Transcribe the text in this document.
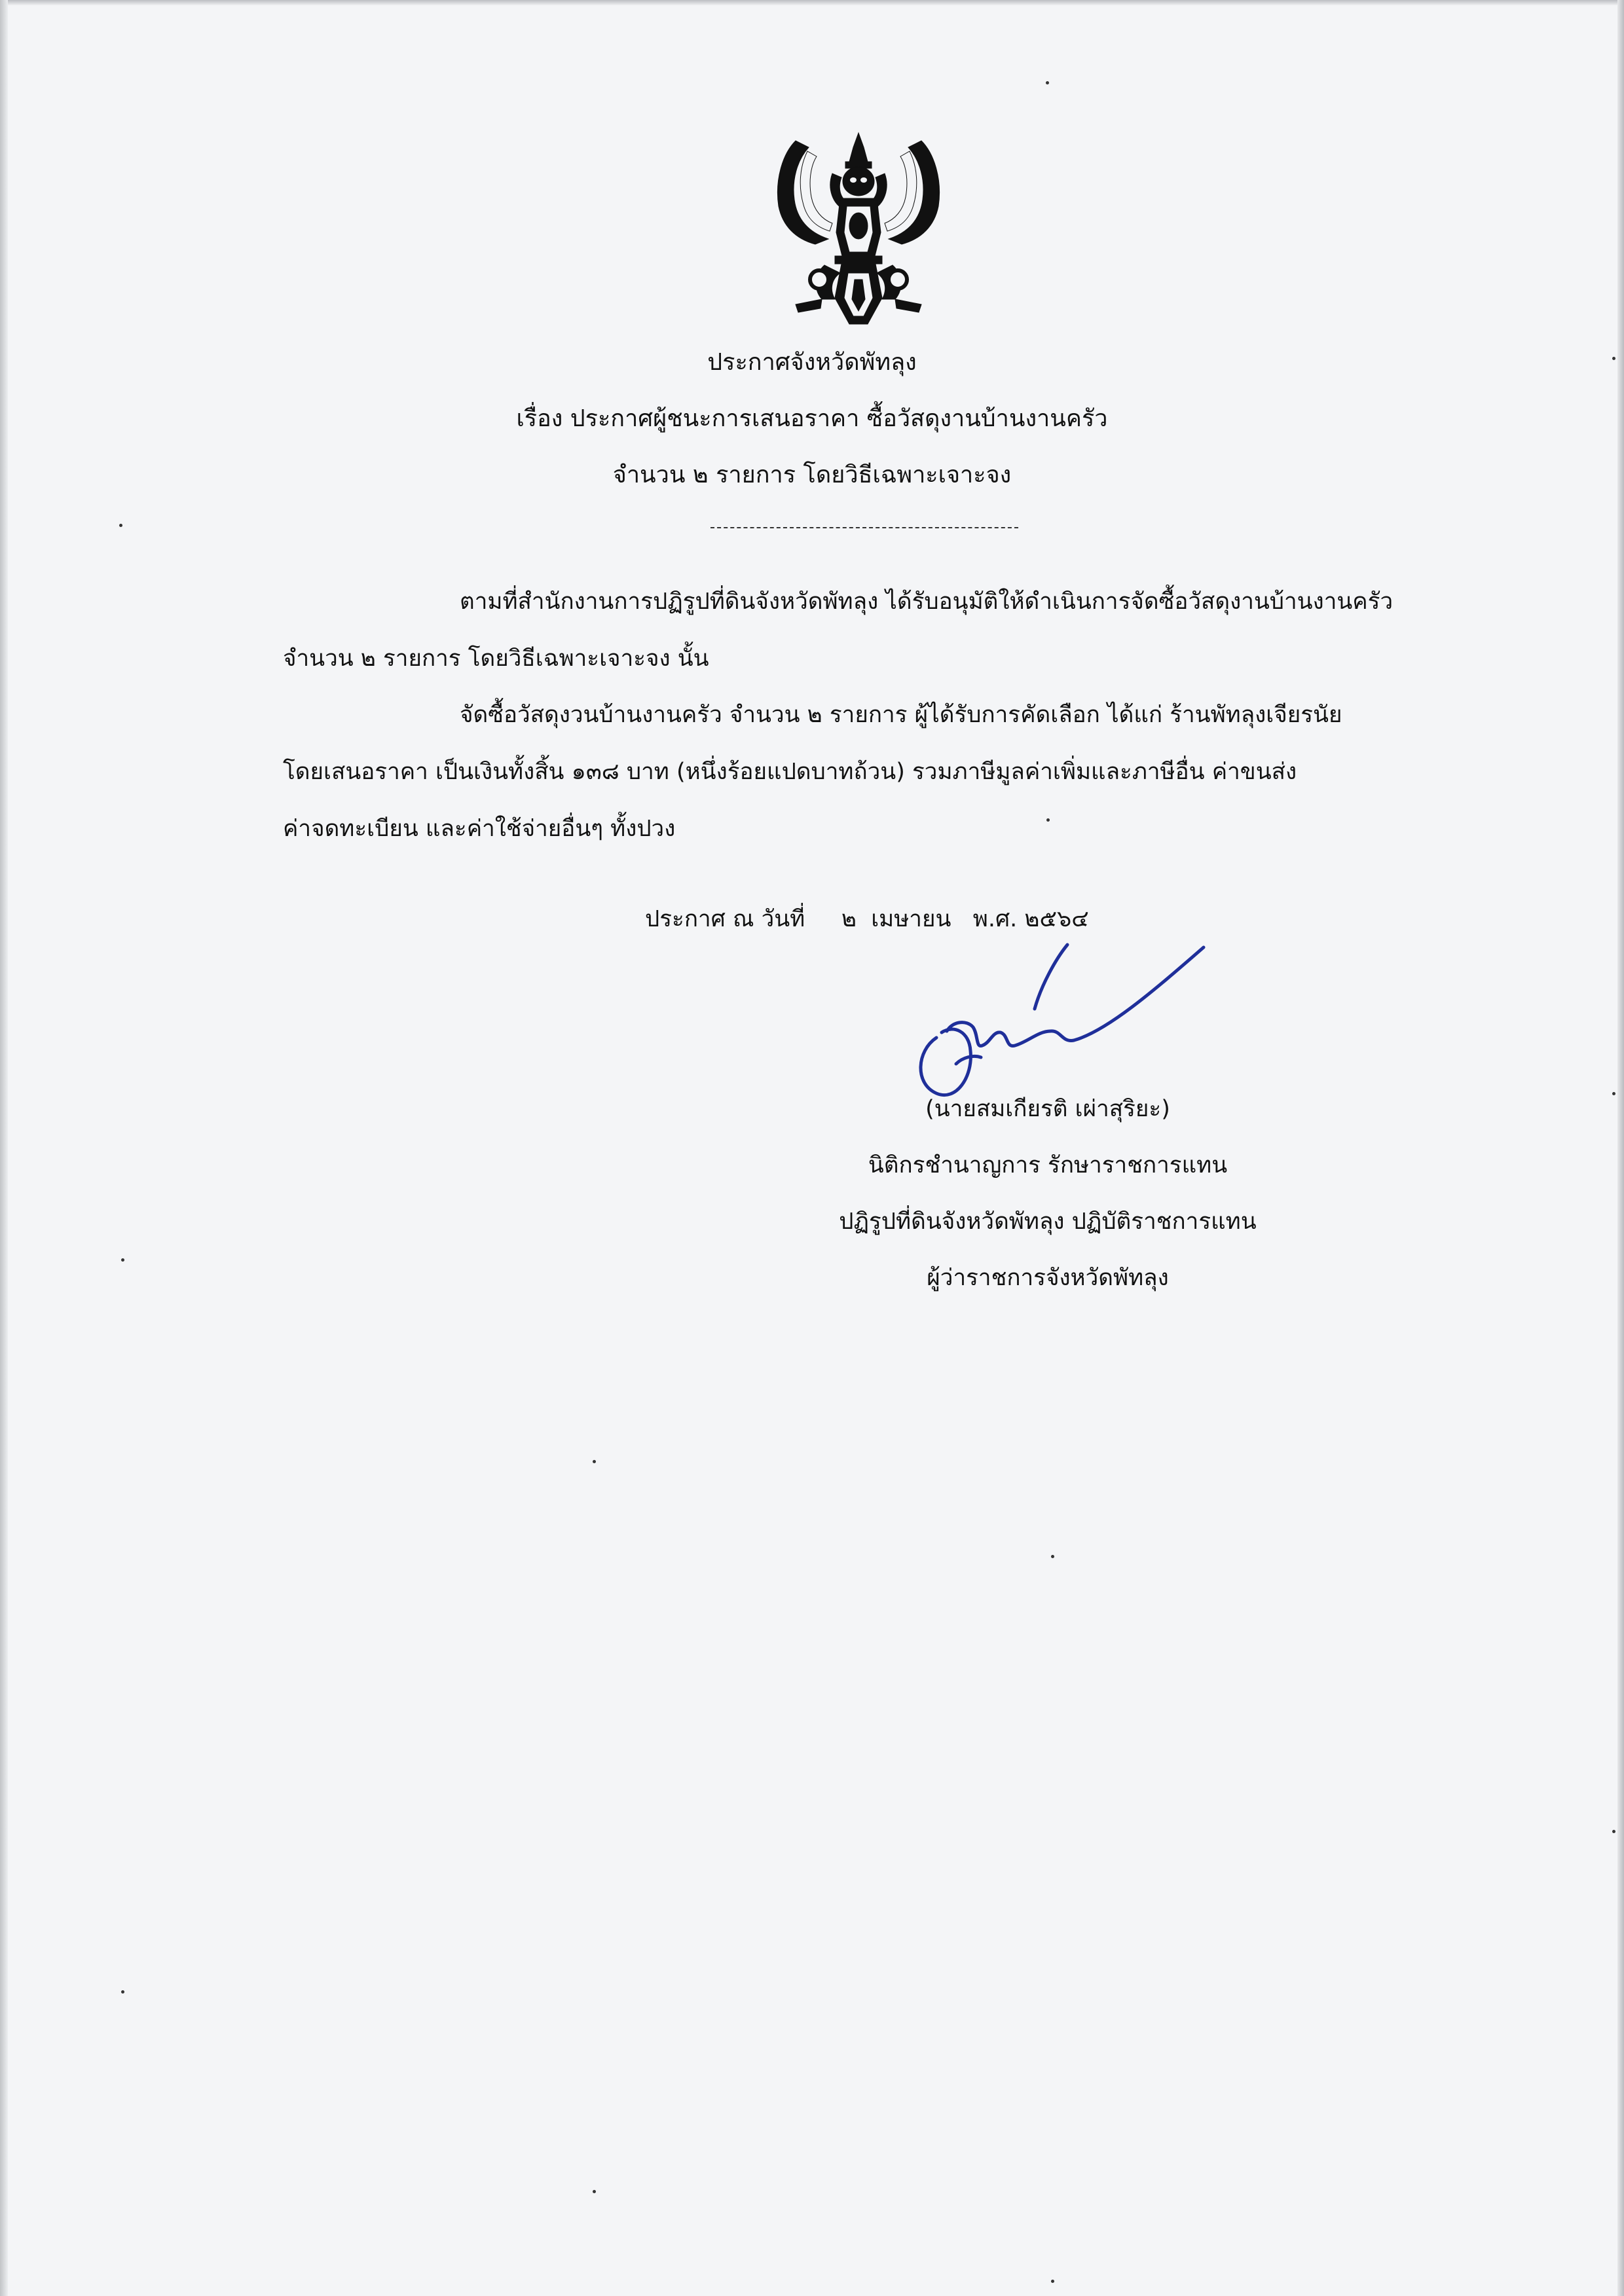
ประกาศจังหวัดพัทลุง
เรื่อง ประกาศผู้ชนะการเสนอราคา ซื้อวัสดุงานบ้านงานครัว
จำนวน ๒ รายการ โดยวิธีเฉพาะเจาะจง
ตามที่สำนักงานการปฏิรูปที่ดินจังหวัดพัทลุง ได้รับอนุมัติให้ดำเนินการจัดซื้อวัสดุงานบ้านงานครัว
จำนวน ๒ รายการ โดยวิธีเฉพาะเจาะจง นั้น
จัดซื้อวัสดุงวนบ้านงานครัว จำนวน ๒ รายการ ผู้ได้รับการคัดเลือก ได้แก่ ร้านพัทลุงเจียรนัย
โดยเสนอราคา เป็นเงินทั้งสิ้น ๑๓๘ บาท (หนึ่งร้อยแปดบาทถ้วน) รวมภาษีมูลค่าเพิ่มและภาษีอื่น ค่าขนส่ง
ค่าจดทะเบียน และค่าใช้จ่ายอื่นๆ ทั้งปวง
ประกาศ ณ วันที่     ๒  เมษายน   พ.ศ. ๒๕๖๔
(นายสมเกียรติ เผ่าสุริยะ)
นิติกรชำนาญการ รักษาราชการแทน
ปฏิรูปที่ดินจังหวัดพัทลุง ปฏิบัติราชการแทน
ผู้ว่าราชการจังหวัดพัทลุง
